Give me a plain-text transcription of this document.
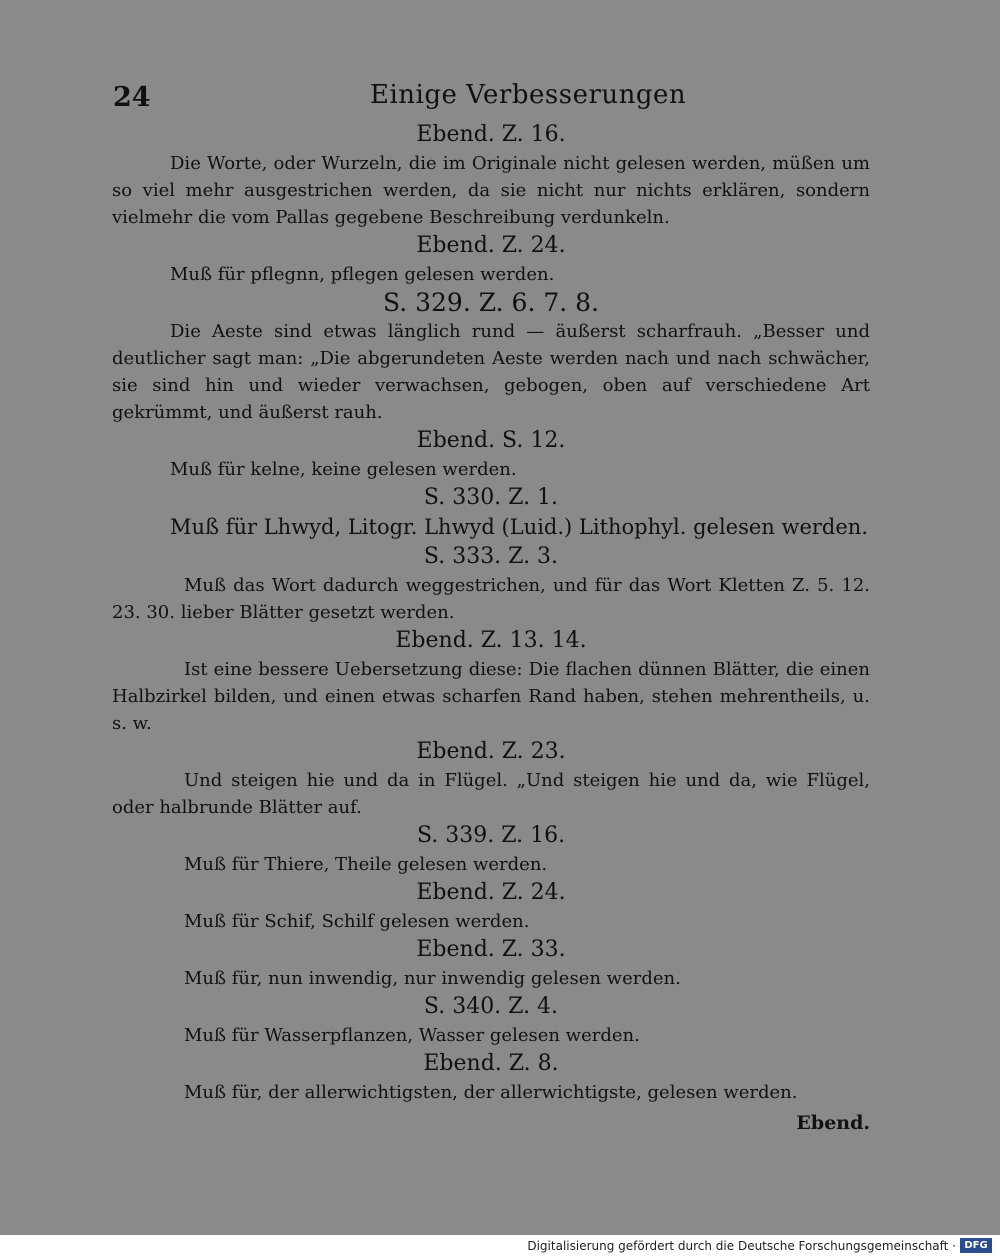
24	Einige Verbesserungen

Ebend. Z. 16.

Die Worte, oder Wurzeln, die im Originale nicht gelesen werden, müßen um so viel mehr ausgestrichen werden, da sie nicht nur nichts erklären, sondern vielmehr die vom Pallas gegebene Beschreibung verdunkeln.

Ebend. Z. 24.

Muß für pflegnn, pflegen gelesen werden.

S. 329. Z. 6. 7. 8.

Die Aeste sind etwas länglich rund — äußerst scharfrauh. „Besser und deutlicher sagt man: „Die abgerundeten Aeste werden nach und nach schwächer, sie sind hin und wieder verwachsen, gebogen, oben auf verschiedene Art gekrümmt, und äußerst rauh.

Ebend. S. 12.

Muß für kelne, keine gelesen werden.

S. 330. Z. 1.

Muß für Lhwyd, Litogr. Lhwyd (Luid.) Lithophyl. gelesen werden.

S. 333. Z. 3.

Muß das Wort dadurch weggestrichen, und für das Wort Kletten Z. 5. 12. 23. 30. lieber Blätter gesetzt werden.

Ebend. Z. 13. 14.

Ist eine bessere Uebersetzung diese: Die flachen dünnen Blätter, die einen Halbzirkel bilden, und einen etwas scharfen Rand haben, stehen mehrentheils, u. s. w.

Ebend. Z. 23.

Und steigen hie und da in Flügel. „Und steigen hie und da, wie Flügel, oder halbrunde Blätter auf.

S. 339. Z. 16.

Muß für Thiere, Theile gelesen werden.

Ebend. Z. 24.

Muß für Schif, Schilf gelesen werden.

Ebend. Z. 33.

Muß für, nun inwendig, nur inwendig gelesen werden.

S. 340. Z. 4.

Muß für Wasserpflanzen, Wasser gelesen werden.

Ebend. Z. 8.

Muß für, der allerwichtigsten, der allerwichtigste, gelesen werden.

Ebend.

Digitalisierung gefördert durch die Deutsche Forschungsgemeinschaft · DFG
